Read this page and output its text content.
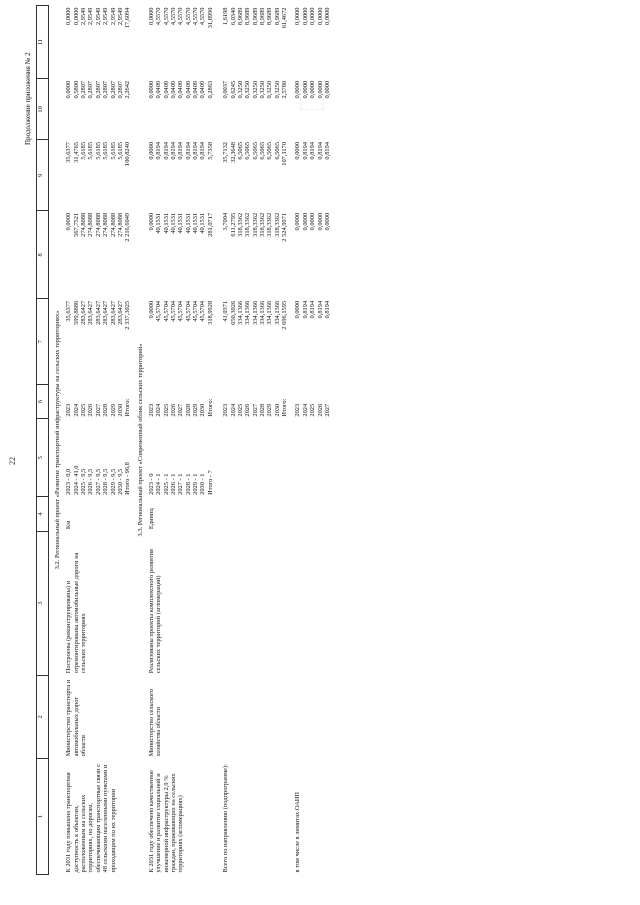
22
Продолжение приложения № 2
1	2	3	4	5	6	7	8	9	10	11
3.2. Региональный проект «Развитие транспортной инфраструктуры на сельских территориях»										
К 2031 году повышена транспортная доступность к объектам, расположенным на сельских территориях, по дорогам, обеспечивающим транспортные связи с 48 сельскими населенными пунктами и проходящим по их территории	Министерство транспорта и автомобильных дорог области	Построены (реконструированы) и отремонтированы автомобильные дороги на сельских территориях	Км	2023 - 0,0	2023	35,6377	0,0000	35,6377	0,0000	0,0000
				2024 - 41,0	2024	599,8886	567,7521	31,4765	0,5800	0,0000
				2025 - 9,5	2025	283,6427	274,8088	5,6185	0,2807	2,9549
				2026 - 9,5	2026	283,6427	274,8088	5,6185	0,2807	2,9549
				2027 - 9,5	2027	283,6427	274,8088	5,6185	0,2807	2,9549
				2028 - 9,5	2028	283,6427	274,8088	5,6185	0,2807	2,9549
				2029 - 9,5	2029	283,6427	274,8088	5,6185	0,2807	2,9549
				2030 - 9,5	2030	283,6427	274,8088	5,6185	0,2807	2,9549
				Итого - 96,8	Итого:	2 337,3025	2 216,6049	100,8240	2,2642	17,6094
3.3. Региональный проект «Современный облик сельских территорий»										
К 2031 году обеспечено качественное улучшение и развитие социальной и инженерной инфраструктуры 2,9 % граждан, проживающих на сельских территориях (агломерациях)	Министерство сельского хозяйства области	Реализованы проекты комплексного развития сельских территорий (агломераций)	Единиц	2023 - 0	2023	0,0000	0,0000	0,0000	0,0000	0,0000
				2024 - 1	2024	45,5704	40,1531	0,8194	0,0409	4,5570
				2025 - 1	2025	45,5704	40,1531	0,8194	0,0409	4,5570
				2026 - 1	2026	45,5704	40,1531	0,8194	0,0409	4,5570
				2027 - 1	2027	45,5704	40,1531	0,8194	0,0409	4,5570
				2028 - 1	2028	45,5704	40,1531	0,8194	0,0409	4,5570
				2029 - 1	2029	45,5704	40,1531	0,8194	0,0409	4,5570
				2030 - 1	2030	45,5704	40,1531	0,8194	0,0409	4,5570
				Итого - 7	Итого:	318,9928	281,0717	5,7358	0,2863	31,8990

Всего по направлению (подпрограмме):					2023	41,0371	3,7004	35,7132	0,0037	1,6198
					2024	650,3026	611,2795	32,3648	0,6245	6,0340
					2025	334,1366	318,3362	6,5065	0,3250	8,9689
					2026	334,1366	318,3362	6,5065	0,3250	8,9689
					2027	334,1366	318,3362	6,5065	0,3250	8,9689
					2028	334,1366	318,3362	6,5065	0,3250	8,9689
					2029	334,1366	318,3362	6,5065	0,3250	8,9689
					2030	334,1366	318,3362	6,5065	0,3250	8,9689
					Итого:	2 696,1595	2 524,9971	107,1170	2,5780	61,4672

в том числе в лимитах ОАИП					2023	0,0000	0,0000	0,0000	0,0000	0,0000
					2024	0,8194	0,0000	0,8194	0,0000	0,0000
					2025	0,8194	0,0000	0,8194	0,0000	0,0000
					2026	0,8194	0,0000	0,8194	0,0000	0,0000
					2027	0,8194	0,0000	0,8194	0,0000	0,0000
